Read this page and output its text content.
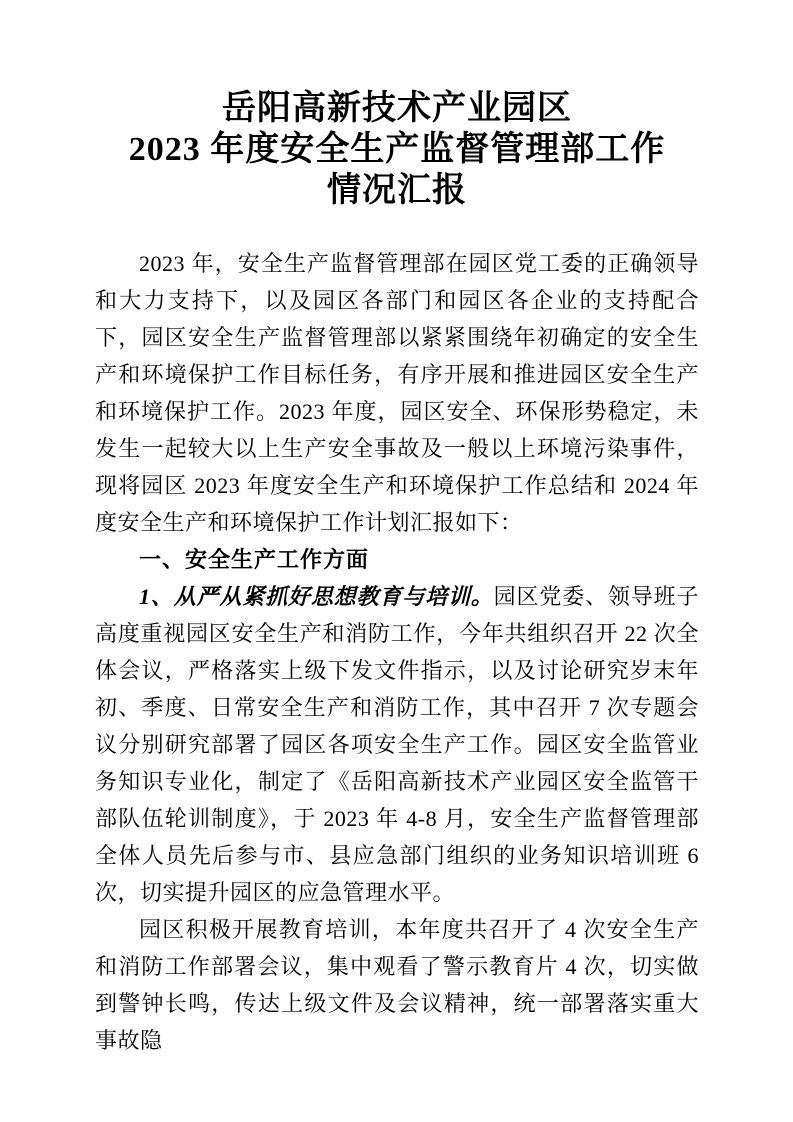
岳阳高新技术产业园区
2023 年度安全生产监督管理部工作
情况汇报

2023 年，安全生产监督管理部在园区党工委的正确领导和大力支持下，以及园区各部门和园区各企业的支持配合下，园区安全生产监督管理部以紧紧围绕年初确定的安全生产和环境保护工作目标任务，有序开展和推进园区安全生产和环境保护工作。2023 年度，园区安全、环保形势稳定，未发生一起较大以上生产安全事故及一般以上环境污染事件，现将园区 2023 年度安全生产和环境保护工作总结和 2024 年度安全生产和环境保护工作计划汇报如下：

一、安全生产工作方面

1、从严从紧抓好思想教育与培训。园区党委、领导班子高度重视园区安全生产和消防工作，今年共组织召开 22 次全体会议，严格落实上级下发文件指示，以及讨论研究岁末年初、季度、日常安全生产和消防工作，其中召开 7 次专题会议分别研究部署了园区各项安全生产工作。园区安全监管业务知识专业化，制定了《岳阳高新技术产业园区安全监管干部队伍轮训制度》，于 2023 年 4-8 月，安全生产监督管理部全体人员先后参与市、县应急部门组织的业务知识培训班 6 次，切实提升园区的应急管理水平。

园区积极开展教育培训，本年度共召开了 4 次安全生产和消防工作部署会议，集中观看了警示教育片 4 次，切实做到警钟长鸣，传达上级文件及会议精神，统一部署落实重大事故隐
